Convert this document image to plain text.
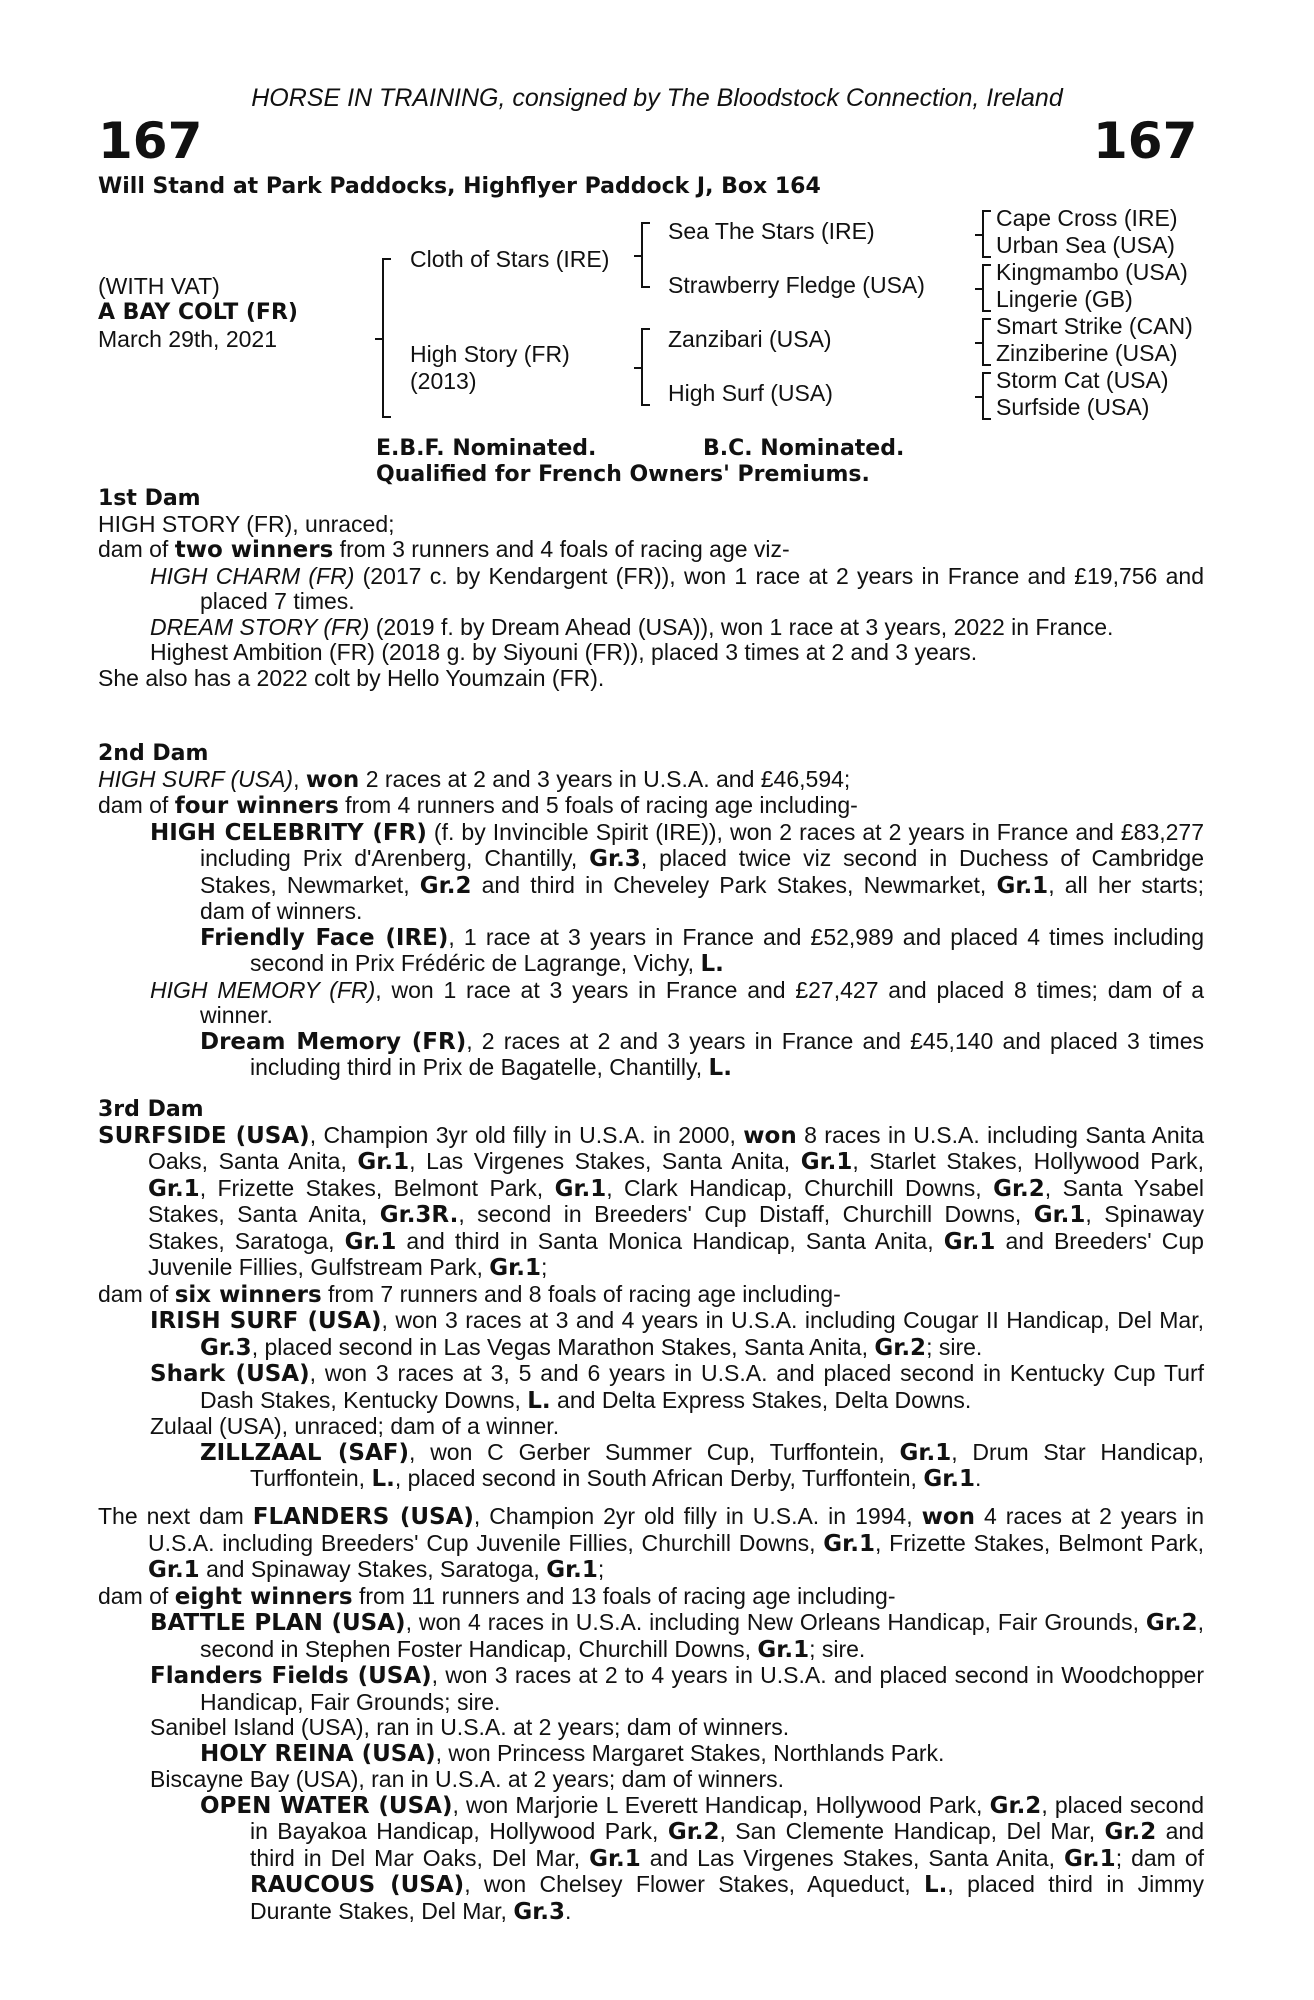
HORSE IN TRAINING, consigned by The Bloodstock Connection, Ireland
167	167
Will Stand at Park Paddocks, Highflyer Paddock J, Box 164
(WITH VAT)
A BAY COLT (FR)
March 29th, 2021
Cloth of Stars (IRE)
High Story (FR)
(2013)
Sea The Stars (IRE)
Strawberry Fledge (USA)
Zanzibari (USA)
High Surf (USA)
Cape Cross (IRE)
Urban Sea (USA)
Kingmambo (USA)
Lingerie (GB)
Smart Strike (CAN)
Zinziberine (USA)
Storm Cat (USA)
Surfside (USA)
E.B.F. Nominated.	B.C. Nominated.
Qualified for French Owners' Premiums.
1st Dam
HIGH STORY (FR), unraced;
dam of two winners from 3 runners and 4 foals of racing age viz-
HIGH CHARM (FR) (2017 c. by Kendargent (FR)), won 1 race at 2 years in France and £19,756 and placed 7 times.
DREAM STORY (FR) (2019 f. by Dream Ahead (USA)), won 1 race at 3 years, 2022 in France.
Highest Ambition (FR) (2018 g. by Siyouni (FR)), placed 3 times at 2 and 3 years.
She also has a 2022 colt by Hello Youmzain (FR).
2nd Dam
HIGH SURF (USA), won 2 races at 2 and 3 years in U.S.A. and £46,594;
dam of four winners from 4 runners and 5 foals of racing age including-
HIGH CELEBRITY (FR) (f. by Invincible Spirit (IRE)), won 2 races at 2 years in France and £83,277 including Prix d'Arenberg, Chantilly, Gr.3, placed twice viz second in Duchess of Cambridge Stakes, Newmarket, Gr.2 and third in Cheveley Park Stakes, Newmarket, Gr.1, all her starts; dam of winners.
Friendly Face (IRE), 1 race at 3 years in France and £52,989 and placed 4 times including second in Prix Frédéric de Lagrange, Vichy, L.
HIGH MEMORY (FR), won 1 race at 3 years in France and £27,427 and placed 8 times; dam of a winner.
Dream Memory (FR), 2 races at 2 and 3 years in France and £45,140 and placed 3 times including third in Prix de Bagatelle, Chantilly, L.
3rd Dam
SURFSIDE (USA), Champion 3yr old filly in U.S.A. in 2000, won 8 races in U.S.A. including Santa Anita Oaks, Santa Anita, Gr.1, Las Virgenes Stakes, Santa Anita, Gr.1, Starlet Stakes, Hollywood Park, Gr.1, Frizette Stakes, Belmont Park, Gr.1, Clark Handicap, Churchill Downs, Gr.2, Santa Ysabel Stakes, Santa Anita, Gr.3R., second in Breeders' Cup Distaff, Churchill Downs, Gr.1, Spinaway Stakes, Saratoga, Gr.1 and third in Santa Monica Handicap, Santa Anita, Gr.1 and Breeders' Cup Juvenile Fillies, Gulfstream Park, Gr.1;
dam of six winners from 7 runners and 8 foals of racing age including-
IRISH SURF (USA), won 3 races at 3 and 4 years in U.S.A. including Cougar II Handicap, Del Mar, Gr.3, placed second in Las Vegas Marathon Stakes, Santa Anita, Gr.2; sire.
Shark (USA), won 3 races at 3, 5 and 6 years in U.S.A. and placed second in Kentucky Cup Turf Dash Stakes, Kentucky Downs, L. and Delta Express Stakes, Delta Downs.
Zulaal (USA), unraced; dam of a winner.
ZILLZAAL (SAF), won C Gerber Summer Cup, Turffontein, Gr.1, Drum Star Handicap, Turffontein, L., placed second in South African Derby, Turffontein, Gr.1.
The next dam FLANDERS (USA), Champion 2yr old filly in U.S.A. in 1994, won 4 races at 2 years in U.S.A. including Breeders' Cup Juvenile Fillies, Churchill Downs, Gr.1, Frizette Stakes, Belmont Park, Gr.1 and Spinaway Stakes, Saratoga, Gr.1;
dam of eight winners from 11 runners and 13 foals of racing age including-
BATTLE PLAN (USA), won 4 races in U.S.A. including New Orleans Handicap, Fair Grounds, Gr.2, second in Stephen Foster Handicap, Churchill Downs, Gr.1; sire.
Flanders Fields (USA), won 3 races at 2 to 4 years in U.S.A. and placed second in Woodchopper Handicap, Fair Grounds; sire.
Sanibel Island (USA), ran in U.S.A. at 2 years; dam of winners.
HOLY REINA (USA), won Princess Margaret Stakes, Northlands Park.
Biscayne Bay (USA), ran in U.S.A. at 2 years; dam of winners.
OPEN WATER (USA), won Marjorie L Everett Handicap, Hollywood Park, Gr.2, placed second in Bayakoa Handicap, Hollywood Park, Gr.2, San Clemente Handicap, Del Mar, Gr.2 and third in Del Mar Oaks, Del Mar, Gr.1 and Las Virgenes Stakes, Santa Anita, Gr.1; dam of RAUCOUS (USA), won Chelsey Flower Stakes, Aqueduct, L., placed third in Jimmy Durante Stakes, Del Mar, Gr.3.
